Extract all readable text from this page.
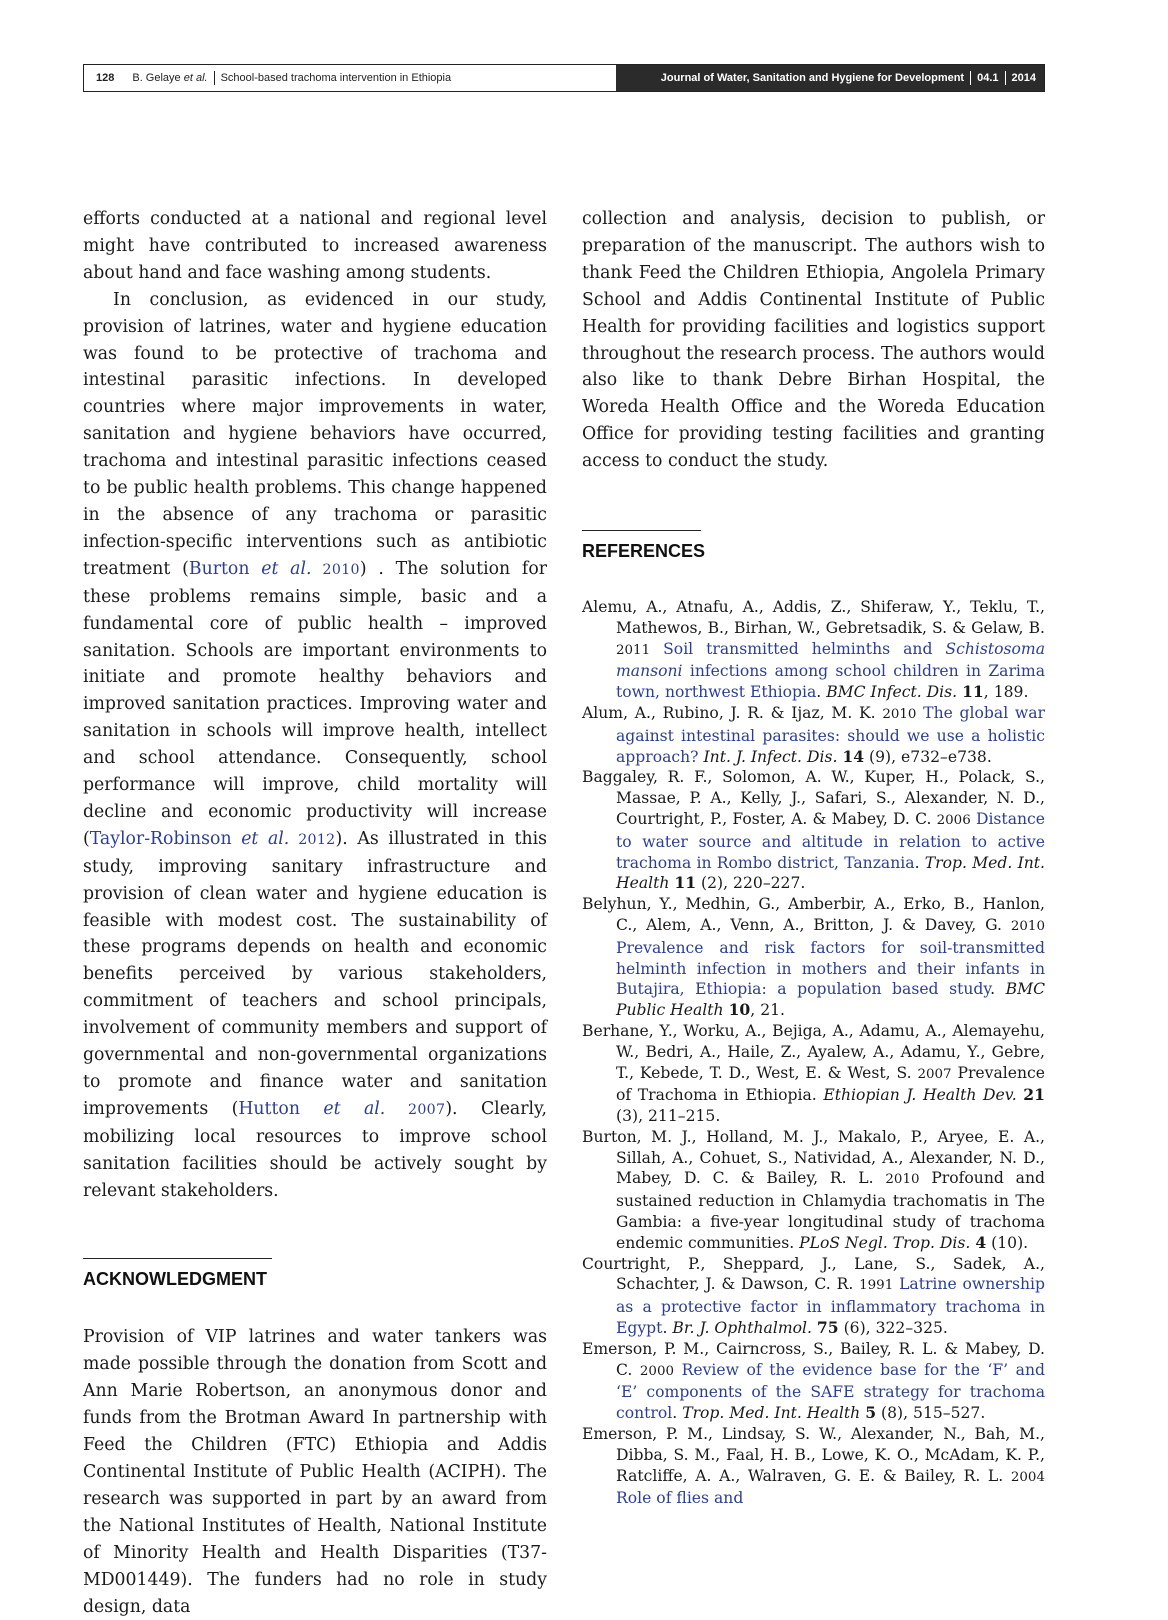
128 B. Gelaye et al. School-based trachoma intervention in Ethiopia	Journal of Water, Sanitation and Hygiene for Development 04.1 2014

efforts conducted at a national and regional level might have contributed to increased awareness about hand and face washing among students.

In conclusion, as evidenced in our study, provision of latrines, water and hygiene education was found to be protective of trachoma and intestinal parasitic infections. In developed countries where major improvements in water, sanitation and hygiene behaviors have occurred, trachoma and intestinal parasitic infections ceased to be public health problems. This change happened in the absence of any trachoma or parasitic infection-specific interventions such as antibiotic treatment (Burton et al. 2010) . The solution for these problems remains simple, basic and a fundamental core of public health – improved sanitation. Schools are important environments to initiate and promote healthy behaviors and improved sanitation practices. Improving water and sanitation in schools will improve health, intellect and school attendance. Consequently, school performance will improve, child mortality will decline and economic productivity will increase (Taylor-Robinson et al. 2012). As illustrated in this study, improving sanitary infrastructure and provision of clean water and hygiene education is feasible with modest cost. The sustainability of these programs depends on health and economic benefits perceived by various stakeholders, commitment of teachers and school principals, involvement of community members and support of governmental and non-governmental organizations to promote and finance water and sanitation improvements (Hutton et al. 2007). Clearly, mobilizing local resources to improve school sanitation facilities should be actively sought by relevant stakeholders.

ACKNOWLEDGMENT

Provision of VIP latrines and water tankers was made possible through the donation from Scott and Ann Marie Robertson, an anonymous donor and funds from the Brotman Award In partnership with Feed the Children (FTC) Ethiopia and Addis Continental Institute of Public Health (ACIPH). The research was supported in part by an award from the National Institutes of Health, National Institute of Minority Health and Health Disparities (T37-MD001449). The funders had no role in study design, data

collection and analysis, decision to publish, or preparation of the manuscript. The authors wish to thank Feed the Children Ethiopia, Angolela Primary School and Addis Continental Institute of Public Health for providing facilities and logistics support throughout the research process. The authors would also like to thank Debre Birhan Hospital, the Woreda Health Office and the Woreda Education Office for providing testing facilities and granting access to conduct the study.

REFERENCES

Alemu, A., Atnafu, A., Addis, Z., Shiferaw, Y., Teklu, T., Mathewos, B., Birhan, W., Gebretsadik, S. & Gelaw, B. 2011 Soil transmitted helminths and Schistosoma mansoni infections among school children in Zarima town, northwest Ethiopia. BMC Infect. Dis. 11, 189.

Alum, A., Rubino, J. R. & Ijaz, M. K. 2010 The global war against intestinal parasites: should we use a holistic approach? Int. J. Infect. Dis. 14 (9), e732–e738.

Baggaley, R. F., Solomon, A. W., Kuper, H., Polack, S., Massae, P. A., Kelly, J., Safari, S., Alexander, N. D., Courtright, P., Foster, A. & Mabey, D. C. 2006 Distance to water source and altitude in relation to active trachoma in Rombo district, Tanzania. Trop. Med. Int. Health 11 (2), 220–227.

Belyhun, Y., Medhin, G., Amberbir, A., Erko, B., Hanlon, C., Alem, A., Venn, A., Britton, J. & Davey, G. 2010 Prevalence and risk factors for soil-transmitted helminth infection in mothers and their infants in Butajira, Ethiopia: a population based study. BMC Public Health 10, 21.

Berhane, Y., Worku, A., Bejiga, A., Adamu, A., Alemayehu, W., Bedri, A., Haile, Z., Ayalew, A., Adamu, Y., Gebre, T., Kebede, T. D., West, E. & West, S. 2007 Prevalence of Trachoma in Ethiopia. Ethiopian J. Health Dev. 21 (3), 211–215.

Burton, M. J., Holland, M. J., Makalo, P., Aryee, E. A., Sillah, A., Cohuet, S., Natividad, A., Alexander, N. D., Mabey, D. C. & Bailey, R. L. 2010 Profound and sustained reduction in Chlamydia trachomatis in The Gambia: a five-year longitudinal study of trachoma endemic communities. PLoS Negl. Trop. Dis. 4 (10).

Courtright, P., Sheppard, J., Lane, S., Sadek, A., Schachter, J. & Dawson, C. R. 1991 Latrine ownership as a protective factor in inflammatory trachoma in Egypt. Br. J. Ophthalmol. 75 (6), 322–325.

Emerson, P. M., Cairncross, S., Bailey, R. L. & Mabey, D. C. 2000 Review of the evidence base for the ‘F’ and ‘E’ components of the SAFE strategy for trachoma control. Trop. Med. Int. Health 5 (8), 515–527.

Emerson, P. M., Lindsay, S. W., Alexander, N., Bah, M., Dibba, S. M., Faal, H. B., Lowe, K. O., McAdam, K. P., Ratcliffe, A. A., Walraven, G. E. & Bailey, R. L. 2004 Role of flies and
